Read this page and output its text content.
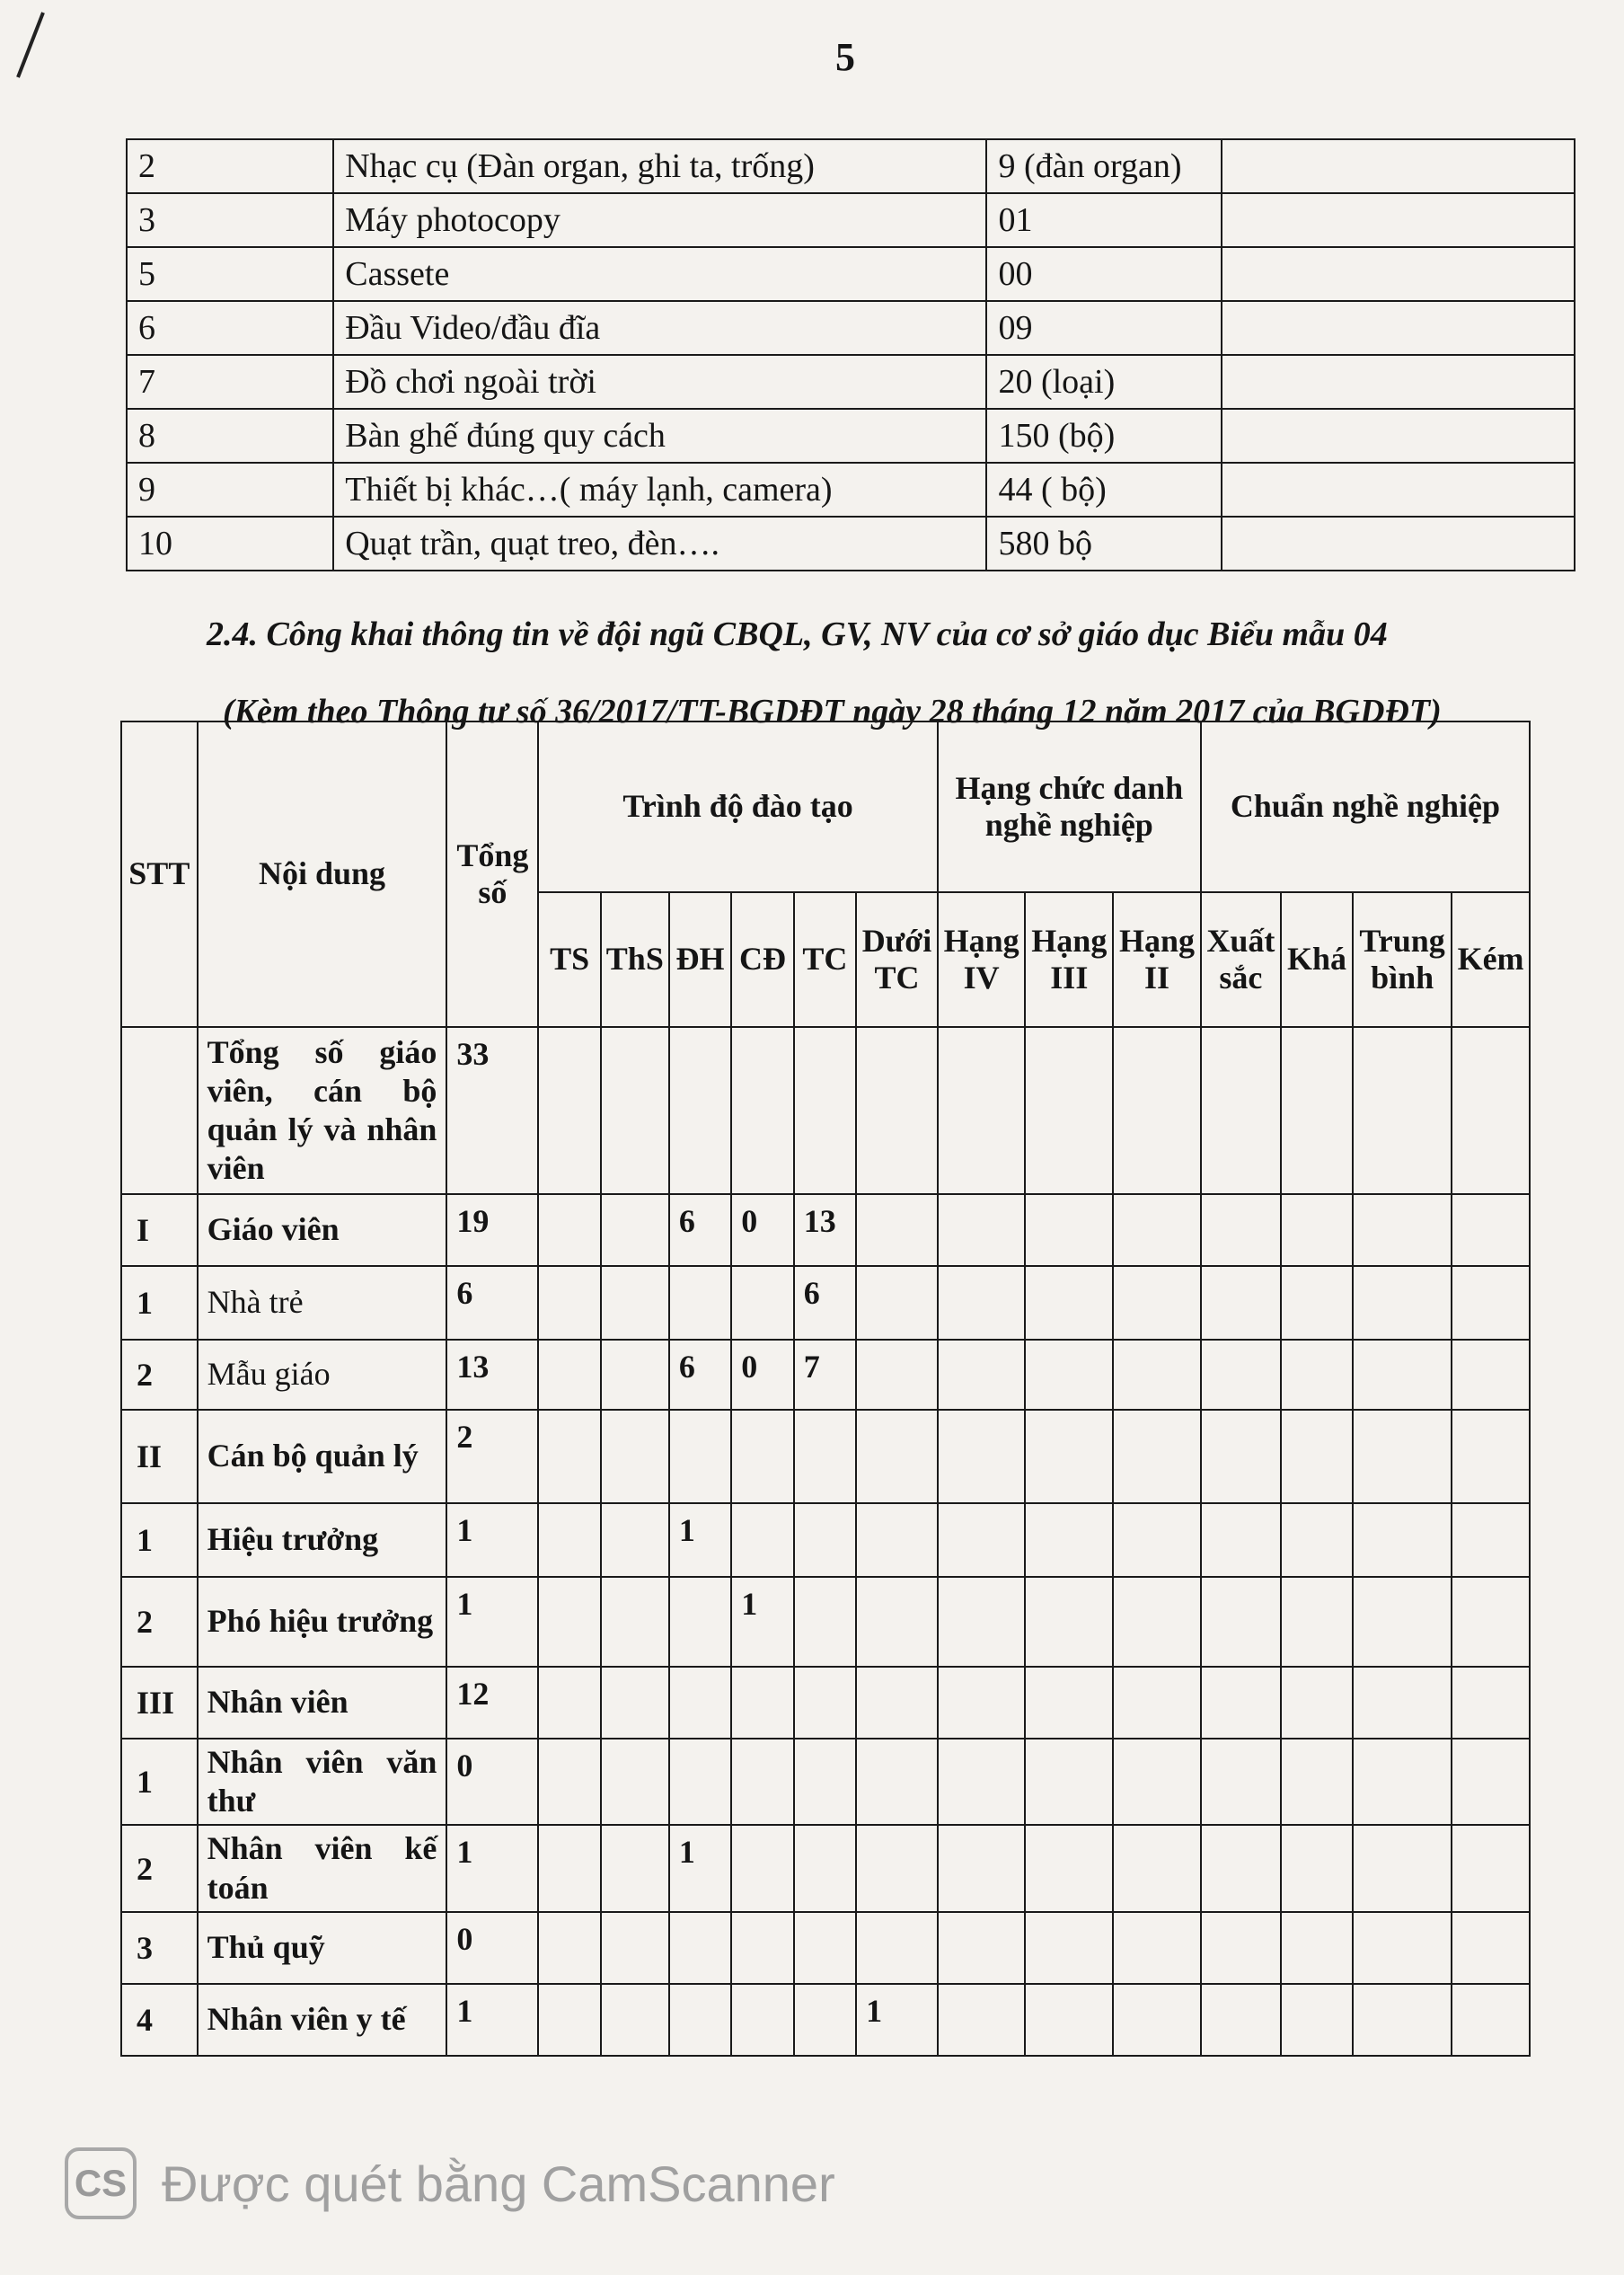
5
2	Nhạc cụ (Đàn organ, ghi ta, trống)	9 (đàn organ)	
3	Máy photocopy	01	
5	Cassete	00	
6	Đầu Video/đầu đĩa	09	
7	Đồ chơi ngoài trời	20 (loại)	
8	Bàn ghế đúng quy cách	150 (bộ)	
9	Thiết bị khác…( máy lạnh, camera)	44 ( bộ)	
10	Quạt trần, quạt treo, đèn….	580 bộ	
2.4. Công khai thông tin về đội ngũ CBQL, GV, NV của cơ sở giáo dục Biểu mẫu 04
(Kèm theo Thông tư số 36/2017/TT-BGDĐT ngày 28 tháng 12 năm 2017 của BGDĐT)
STT	Nội dung	Tổng số	Trình độ đào tạo						Hạng chức danh nghề nghiệp			Chuẩn nghề nghiệp			
			TS	ThS	ĐH	CĐ	TC	Dưới TC	Hạng IV	Hạng III	Hạng II	Xuất sắc	Khá	Trung bình	Kém
	Tổng số giáo viên, cán bộ quản lý và nhân viên	33													
I	Giáo viên	19			6	0	13								
1	Nhà trẻ	6					6								
2	Mẫu giáo	13			6	0	7								
II	Cán bộ quản lý	2													
1	Hiệu trưởng	1			1										
2	Phó hiệu trưởng	1				1									
III	Nhân viên	12													
1	Nhân viên văn thư	0													
2	Nhân viên kế toán	1			1										
3	Thủ quỹ	0													
4	Nhân viên y tế	1						1							
CS Được quét bằng CamScanner
